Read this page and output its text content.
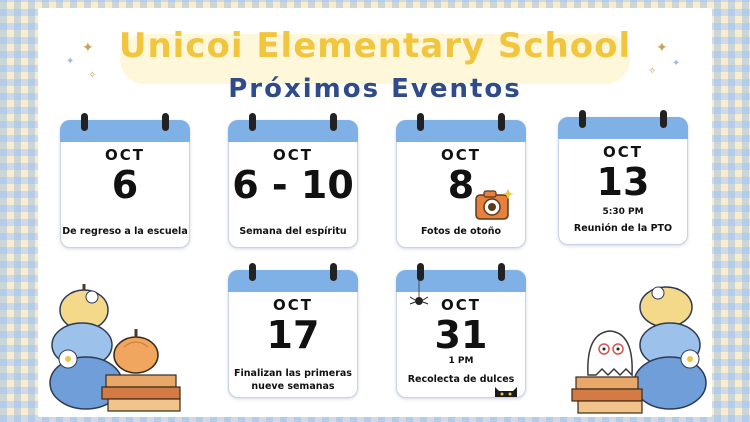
✦
✦
✧
✦
✦
✧
Unicoi Elementary School
Próximos Eventos
OCT
6
De regreso a la escuela
OCT
6 - 10
Semana del espíritu
OCT
8
Fotos de otoño
OCT
13
5:30 PM
Reunión de la PTO
OCT
17
Finalizan las primeras
nueve semanas
OCT
31
1 PM
Recolecta de dulces
